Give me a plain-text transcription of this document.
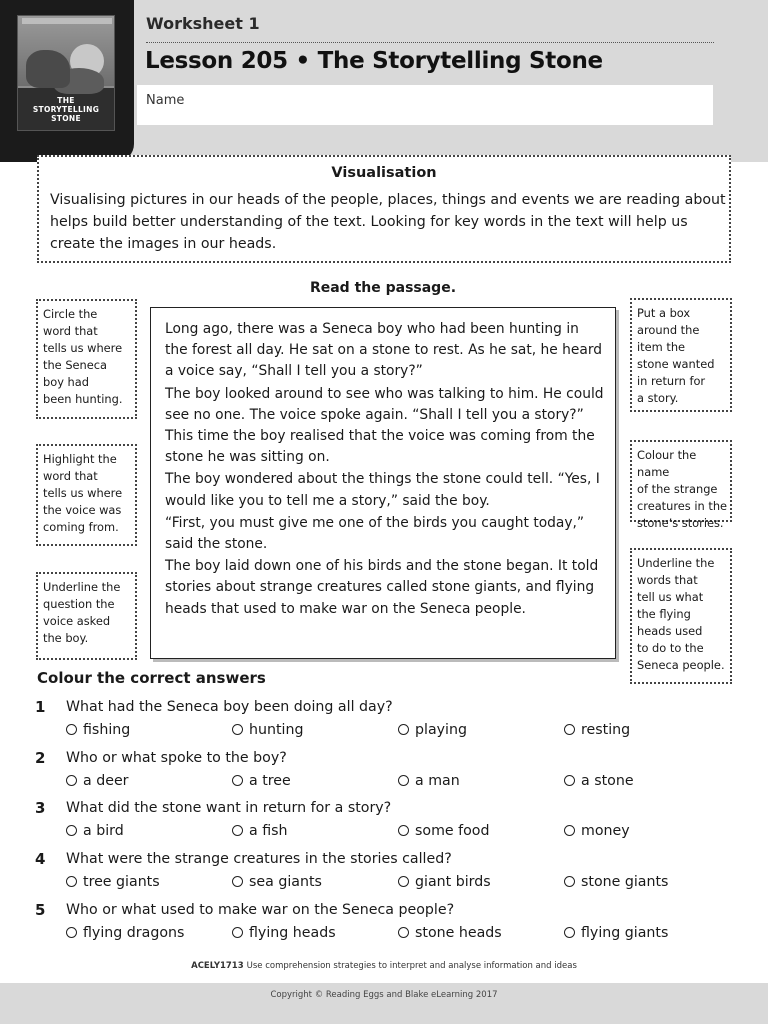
THE
STORYTELLING
STONE
Worksheet 1
Lesson 205 • The Storytelling Stone
Name
Visualisation
Visualising pictures in our heads of the people, places, things and events we are reading about helps build better understanding of the text. Looking for key words in the text will help us create the images in our heads.
Circle the
word that
tells us where
the Seneca
boy had
been hunting.
Highlight the
word that
tells us where
the voice was
coming from.
Underline the
question the
voice asked
the boy.
Read the passage.

Long ago, there was a Seneca boy who had been hunting in the forest all day. He sat on a stone to rest. As he sat, he heard a voice say, “Shall I tell you a story?”

The boy looked around to see who was talking to him. He could see no one. The voice spoke again. “Shall I tell you a story?” This time the boy realised that the voice was coming from the stone he was sitting on.

The boy wondered about the things the stone could tell. “Yes, I would like you to tell me a story,” said the boy.

“First, you must give me one of the birds you caught today,” said the stone.

The boy laid down one of his birds and the stone began. It told stories about strange creatures called stone giants, and flying heads that used to make war on the Seneca people.

Put a box
around the
item the
stone wanted
in return for
a story.
Colour the name
of the strange
creatures in the
stone’s stories.
Underline the
words that
tell us what
the flying
heads used
to do to the
Seneca people.
Colour the correct answers
1 What had the Seneca boy been doing all day?
fishing	hunting	playing	resting
2 Who or what spoke to the boy?
a deer	a tree	a man	a stone
3 What did the stone want in return for a story?
a bird	a fish	some food	money
4 What were the strange creatures in the stories called?
tree giants	sea giants	giant birds	stone giants
5 Who or what used to make war on the Seneca people?
flying dragons	flying heads	stone heads	flying giants
ACELY1713 Use comprehension strategies to interpret and analyse information and ideas
Copyright © Reading Eggs and Blake eLearning 2017
